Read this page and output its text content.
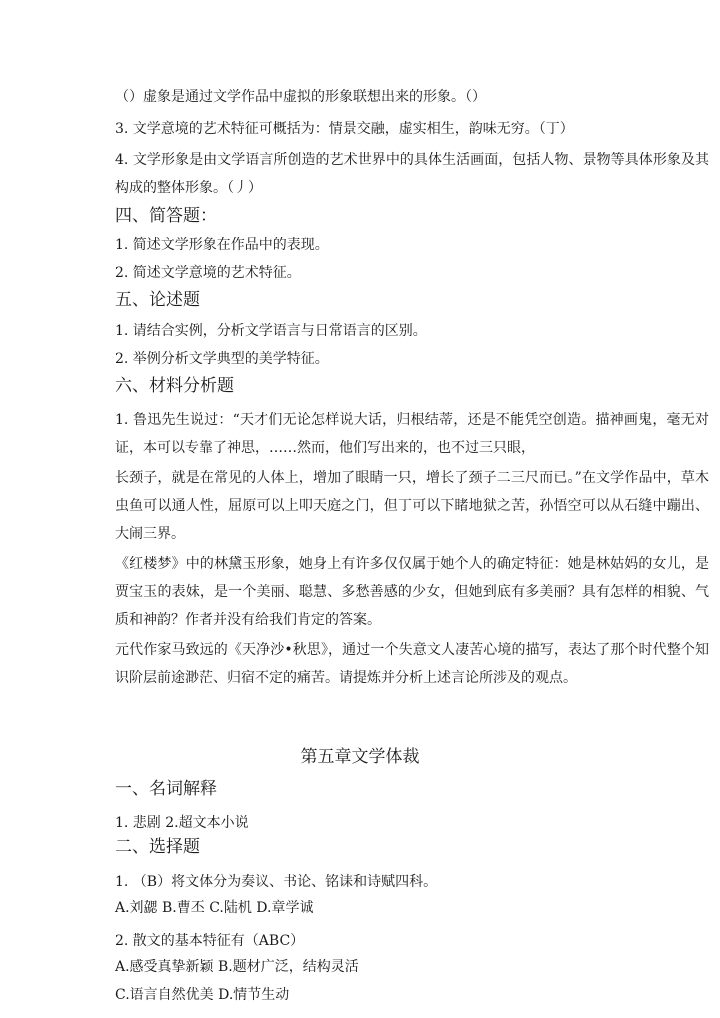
（）虚象是通过文学作品中虚拟的形象联想出来的形象。（）
3. 文学意境的艺术特征可概括为：情景交融，虚实相生，韵味无穷。（丁）
4. 文学形象是由文学语言所创造的艺术世界中的具体生活画面，包括人物、景物等具体形象及其构成的整体形象。（丿）
四、简答题：
1. 简述文学形象在作品中的表现。
2. 简述文学意境的艺术特征。
五、论述题
1. 请结合实例，分析文学语言与日常语言的区别。
2. 举例分析文学典型的美学特征。
六、材料分析题
1. 鲁迅先生说过：“天才们无论怎样说大话，归根结蒂，还是不能凭空创造。描神画鬼，毫无对证，本可以专靠了神思，……然而，他们写出来的，也不过三只眼，
长颈子，就是在常见的人体上，增加了眼睛一只，增长了颈子二三尺而已。”在文学作品中，草木虫鱼可以通人性，屈原可以上叩天庭之门，但丁可以下睹地狱之苦，孙悟空可以从石缝中蹦出、大闹三界。
《红楼梦》中的林黛玉形象，她身上有许多仅仅属于她个人的确定特征：她是林姑妈的女儿，是贾宝玉的表妹，是一个美丽、聪慧、多愁善感的少女，但她到底有多美丽？具有怎样的相貌、气质和神韵？作者并没有给我们肯定的答案。
元代作家马致远的《天净沙•秋思》，通过一个失意文人凄苦心境的描写，表达了那个时代整个知识阶层前途渺茫、归宿不定的痛苦。请提炼并分析上述言论所涉及的观点。
第五章文学体裁
一、名词解释
1. 悲剧 2.超文本小说
二、选择题
1. （B）将文体分为奏议、书论、铭诔和诗赋四科。
A.刘勰 B.曹丕 C.陆机 D.章学诚
2. 散文的基本特征有（ABC）
A.感受真挚新颖 B.题材广泛，结构灵活
C.语言自然优美 D.情节生动
